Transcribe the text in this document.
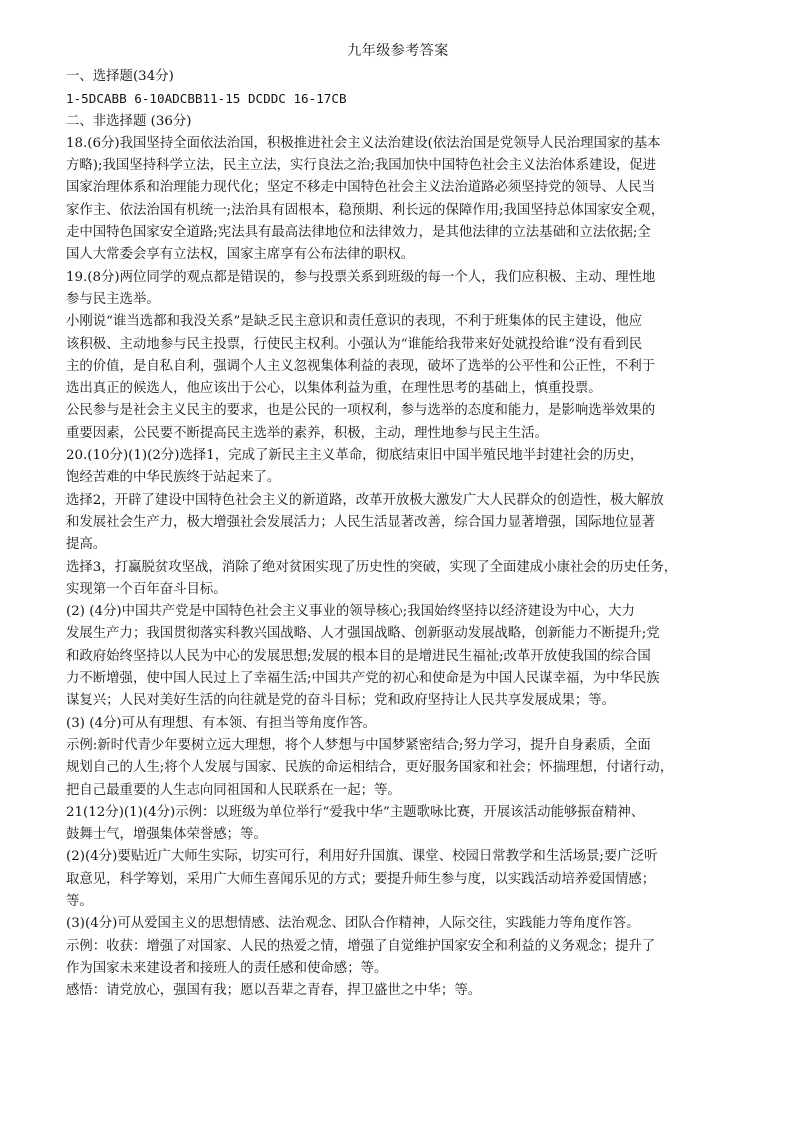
九年级参考答案

一、选择题(34分)

1-5DCABB 6-10ADCBB11-15 DCDDC 16-17CB

二、非选择题 (36分)

18.(6分)我国坚持全面依法治国，积极推进社会主义法治建设(依法治国是党领导人民治理国家的基本

方略);我国坚持科学立法，民主立法，实行良法之治;我国加快中国特色社会主义法治体系建设，促进

国家治理体系和治理能力现代化；坚定不移走中国特色社会主义法治道路必须坚持党的领导、人民当

家作主、依法治国有机统一;法治具有固根本，稳预期、利长远的保障作用;我国坚持总体国家安全观，

走中国特色国家安全道路;宪法具有最高法律地位和法律效力，是其他法律的立法基础和立法依据;全

国人大常委会享有立法权，国家主席享有公布法律的职权。

19.(8分)两位同学的观点都是错误的，参与投票关系到班级的每一个人，我们应积极、主动、理性地

参与民主选举。

小刚说“谁当选都和我没关系”是缺乏民主意识和责任意识的表现，不利于班集体的民主建设，他应

该积极、主动地参与民主投票，行使民主权利。小强认为“谁能给我带来好处就投给谁“没有看到民

主的价值，是自私自利，强调个人主义忽视集体利益的表现，破坏了选举的公平性和公正性，不利于

选出真正的候选人，他应该出于公心，以集体利益为重，在理性思考的基础上，慎重投票。

公民参与是社会主义民主的要求，也是公民的一项权利，参与选举的态度和能力，是影响选举效果的

重要因素，公民要不断提高民主选举的素养，积极，主动，理性地参与民主生活。

20.(10分)(1)(2分)选择1，完成了新民主主义革命，彻底结束旧中国半殖民地半封建社会的历史，

饱经苦难的中华民族终于站起来了。

选择2，开辟了建设中国特色社会主义的新道路，改革开放极大激发广大人民群众的创造性，极大解放

和发展社会生产力，极大增强社会发展活力；人民生活显著改善，综合国力显著增强，国际地位显著

提高。

选择3，打赢脱贫攻坚战，消除了绝对贫困实现了历史性的突破，实现了全面建成小康社会的历史任务，

实现第一个百年奋斗目标。

(2) (4分)中国共产党是中国特色社会主义事业的领导核心;我国始终坚持以经济建设为中心，大力

发展生产力；我国贯彻落实科教兴国战略、人才强国战略、创新驱动发展战略，创新能力不断提升;党

和政府始终坚持以人民为中心的发展思想;发展的根本目的是增进民生福祉;改革开放使我国的综合国

力不断增强，使中国人民过上了幸福生活;中国共产党的初心和使命是为中国人民谋幸福，为中华民族

谋复兴；人民对美好生活的向往就是党的奋斗目标；党和政府坚持让人民共享发展成果；等。

(3) (4分)可从有理想、有本领、有担当等角度作答。

示例:新时代青少年要树立远大理想，将个人梦想与中国梦紧密结合;努力学习，提升自身素质，全面

规划自己的人生;将个人发展与国家、民族的命运相结合，更好服务国家和社会；怀揣理想，付诸行动，

把自己最重要的人生志向同祖国和人民联系在一起；等。

21(12分)(1)(4分)示例：以班级为单位举行“爱我中华”主题歌咏比赛，开展该活动能够振奋精神、

鼓舞士气，增强集体荣誉感；等。

(2)(4分)要贴近广大师生实际，切实可行，利用好升国旗、课堂、校园日常教学和生活场景;要广泛听

取意见，科学筹划，采用广大师生喜闻乐见的方式；要提升师生参与度，以实践活动培养爱国情感；

等。

(3)(4分)可从爱国主义的思想情感、法治观念、团队合作精神，人际交往，实践能力等角度作答。

示例：收获：增强了对国家、人民的热爱之情，增强了自觉维护国家安全和利益的义务观念；提升了

作为国家未来建设者和接班人的责任感和使命感；等。

感悟：请党放心，强国有我；愿以吾辈之青春，捍卫盛世之中华；等。
